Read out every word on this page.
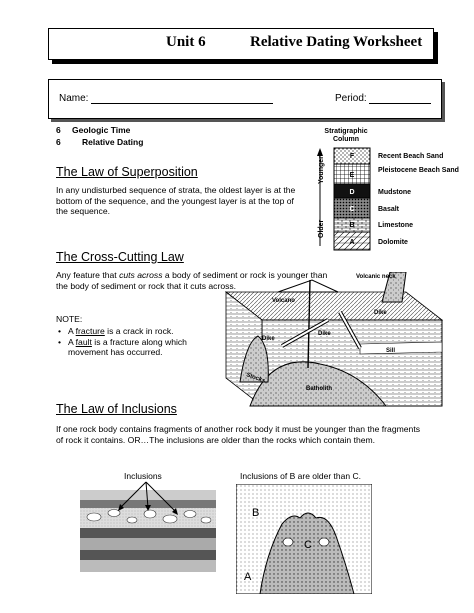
Unit 6	Relative Dating Worksheet
Name:	Period:
6 Geologic Time
6	Relative Dating
The Law of Superposition

In any undisturbed sequence of strata, the oldest layer is at the bottom of the sequence, and the youngest layer is at the top of the sequence.

Stratigraphic
Column
Younger
Older
F
E
D
C
B
A
Recent Beach Sand
Pleistocene Beach Sand
Mudstone
Basalt
Limestone
Dolomite
The Cross-Cutting Law

Any feature that cuts across a body of sediment or rock is younger than the body of sediment or rock that it cuts across.

NOTE:
• A fracture is a crack in rock.
• A fault is a fracture along which movement has occurred.
Volcanic neck
Volcano
Dike
Dike
Dike
Sill
Stocks
Batholith
The Law of Inclusions

If one rock body contains fragments of another rock body it must be younger than the fragments of rock it contains. OR…The inclusions are older than the rocks which contain them.

Inclusions	Inclusions of B are older than C.
B
A
C
